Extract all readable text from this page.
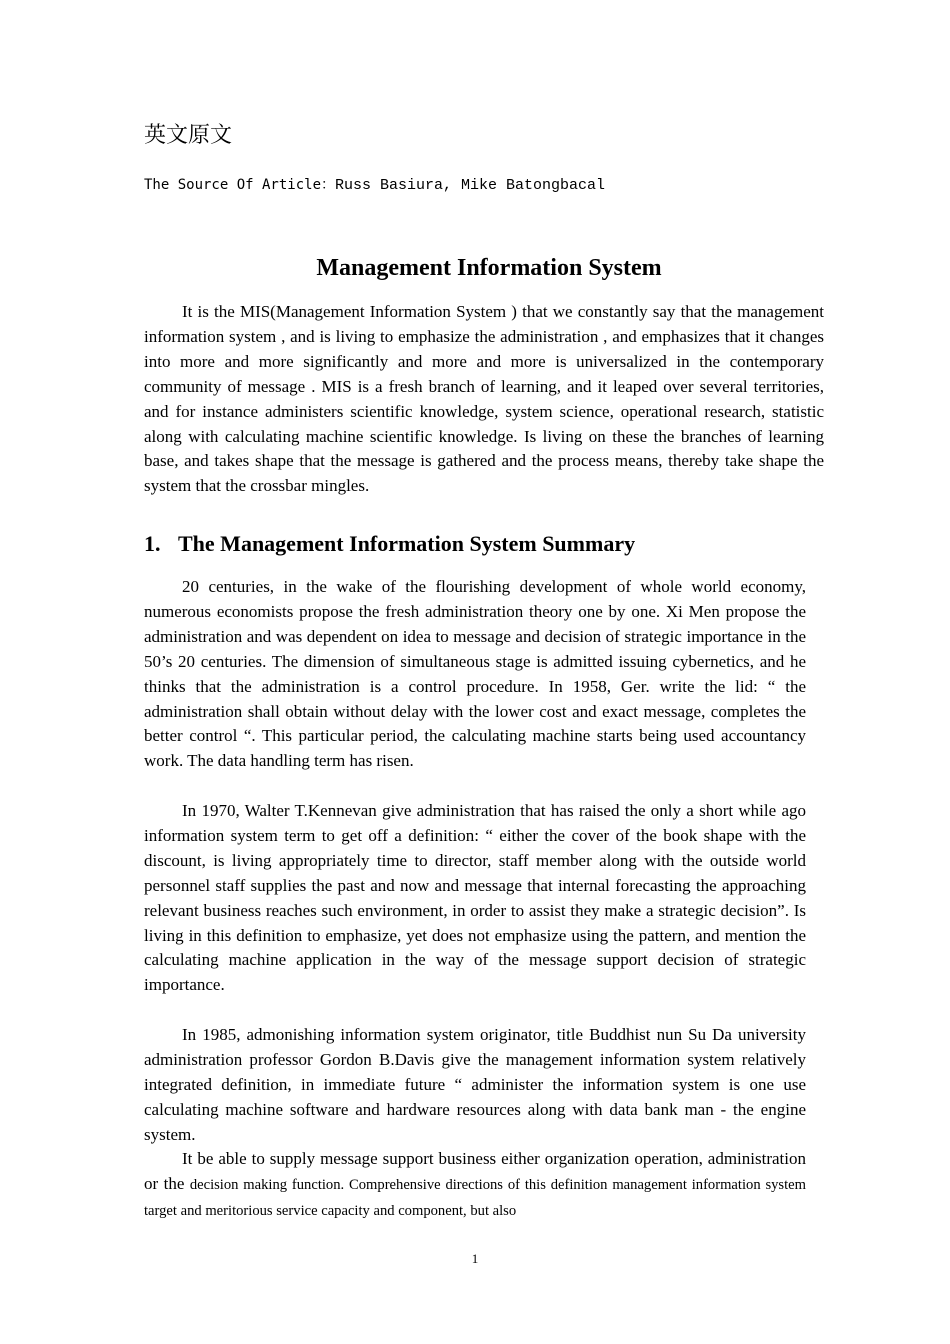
英文原文
The Source Of Article：Russ Basiura, Mike Batongbacal
Management Information System

It is the MIS(Management Information System ) that we constantly say that the management information system , and is living to emphasize the administration , and emphasizes that it changes into more and more significantly and more and more is universalized in the contemporary community of message . MIS is a fresh branch of learning, and it leaped over several territories, and for instance administers scientific knowledge, system science, operational research, statistic along with calculating machine scientific knowledge. Is living on these the branches of learning base, and takes shape that the message is gathered and the process means, thereby take shape the system that the crossbar mingles.

1. The Management Information System Summary

20 centuries, in the wake of the flourishing development of whole world economy, numerous economists propose the fresh administration theory one by one. Xi Men propose the administration and was dependent on idea to message and decision of strategic importance in the 50’s 20 centuries. The dimension of simultaneous stage is admitted issuing cybernetics, and he thinks that the administration is a control procedure. In 1958, Ger. write the lid: “ the administration shall obtain without delay with the lower cost and exact message, completes the better control “. This particular period, the calculating machine starts being used accountancy work. The data handling term has risen.

In 1970, Walter T.Kennevan give administration that has raised the only a short while ago information system term to get off a definition: “ either the cover of the book shape with the discount, is living appropriately time to director, staff member along with the outside world personnel staff supplies the past and now and message that internal forecasting the approaching relevant business reaches such environment, in order to assist they make a strategic decision”. Is living in this definition to emphasize, yet does not emphasize using the pattern, and mention the calculating machine application in the way of the message support decision of strategic importance.

In 1985, admonishing information system originator, title Buddhist nun Su Da university administration professor Gordon B.Davis give the management information system relatively integrated definition, in immediate future “ administer the information system is one use calculating machine software and hardware resources along with data bank man - the engine system.

It be able to supply message support business either organization operation, administration or the decision making function. Comprehensive directions of this definition management information system target and meritorious service capacity and component, but also

1
